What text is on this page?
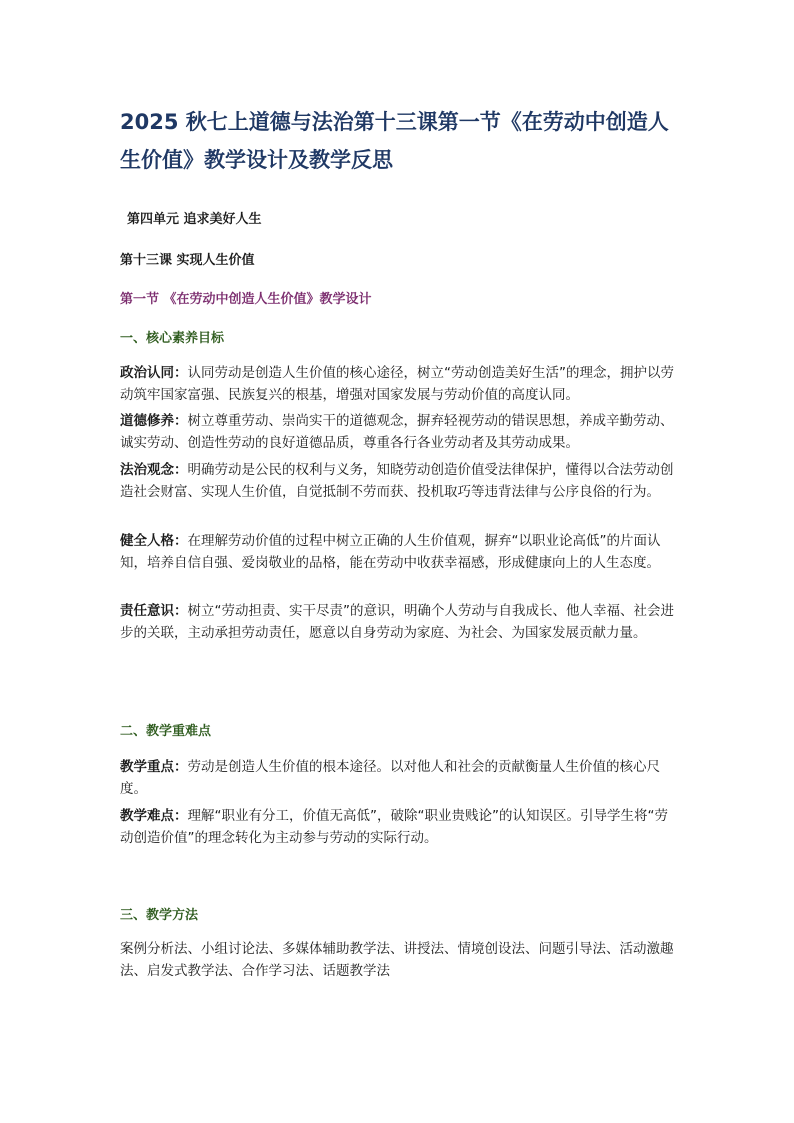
2025 秋七上道德与法治第十三课第一节《在劳动中创造人生价值》教学设计及教学反思
第四单元 追求美好人生
第十三课 实现人生价值
第一节 《在劳动中创造人生价值》教学设计
一、核心素养目标

政治认同：认同劳动是创造人生价值的核心途径，树立“劳动创造美好生活”的理念，拥护以劳动筑牢国家富强、民族复兴的根基，增强对国家发展与劳动价值的高度认同。

道德修养：树立尊重劳动、崇尚实干的道德观念，摒弃轻视劳动的错误思想，养成辛勤劳动、诚实劳动、创造性劳动的良好道德品质，尊重各行各业劳动者及其劳动成果。

法治观念：明确劳动是公民的权利与义务，知晓劳动创造价值受法律保护，懂得以合法劳动创造社会财富、实现人生价值，自觉抵制不劳而获、投机取巧等违背法律与公序良俗的行为。

健全人格：在理解劳动价值的过程中树立正确的人生价值观，摒弃“以职业论高低”的片面认知，培养自信自强、爱岗敬业的品格，能在劳动中收获幸福感，形成健康向上的人生态度。

责任意识：树立“劳动担责、实干尽责”的意识，明确个人劳动与自我成长、他人幸福、社会进步的关联，主动承担劳动责任，愿意以自身劳动为家庭、为社会、为国家发展贡献力量。

二、教学重难点

教学重点：劳动是创造人生价值的根本途径。以对他人和社会的贡献衡量人生价值的核心尺度。

教学难点：理解“职业有分工，价值无高低”，破除“职业贵贱论”的认知误区。引导学生将“劳动创造价值”的理念转化为主动参与劳动的实际行动。

三、教学方法

案例分析法、小组讨论法、多媒体辅助教学法、讲授法、情境创设法、问题引导法、活动激趣法、启发式教学法、合作学习法、话题教学法
